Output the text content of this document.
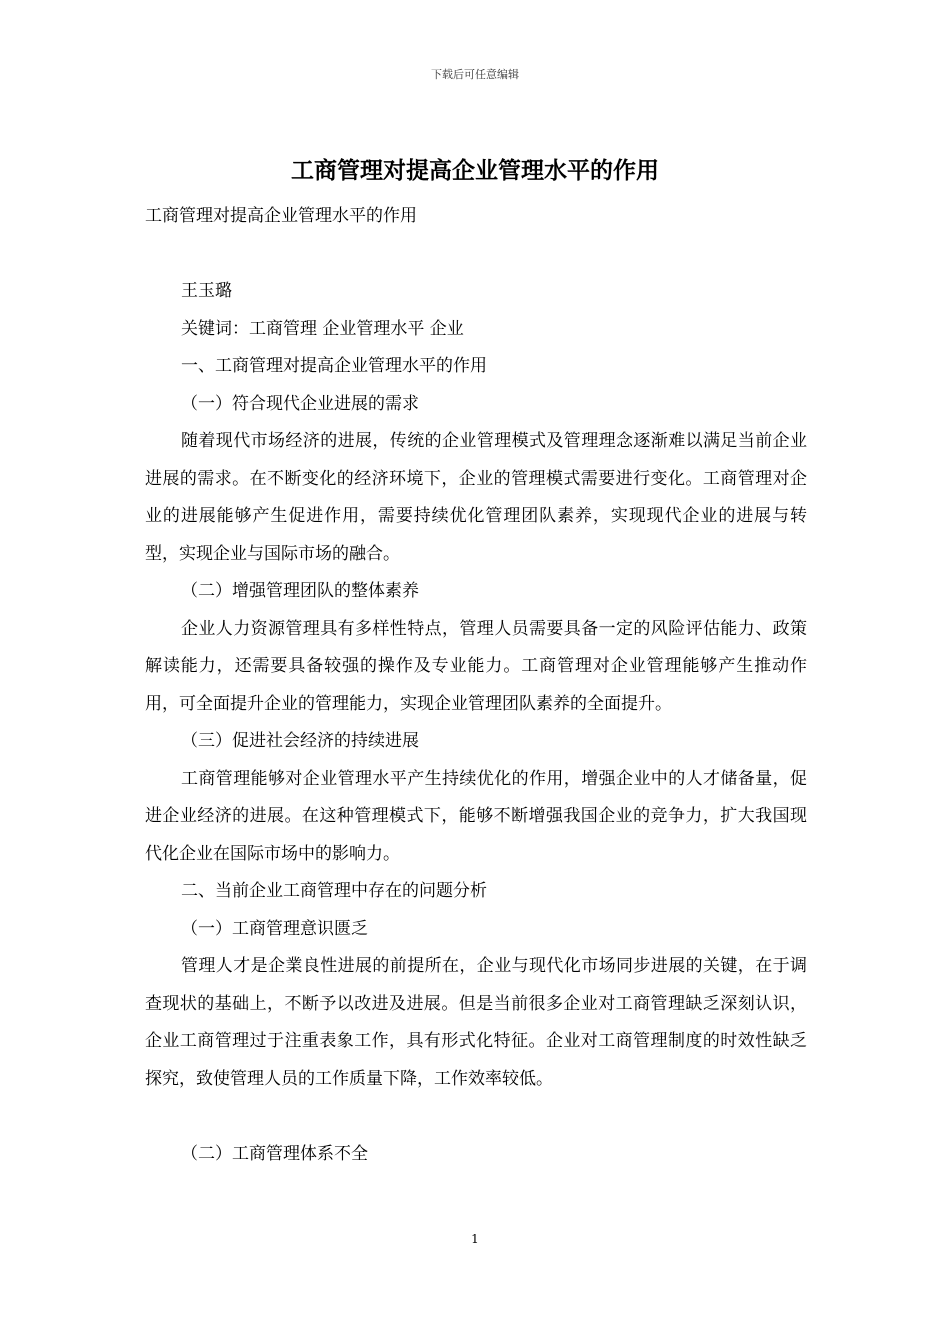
下载后可任意编辑
工商管理对提高企业管理水平的作用

工商管理对提高企业管理水平的作用

王玉璐

关键词：工商管理 企业管理水平 企业

一、工商管理对提高企业管理水平的作用

（一）符合现代企业进展的需求

随着现代市场经济的进展，传统的企业管理模式及管理理念逐渐难以满足当前企业进展的需求。在不断变化的经济环境下，企业的管理模式需要进行变化。工商管理对企业的进展能够产生促进作用，需要持续优化管理团队素养，实现现代企业的进展与转型，实现企业与国际市场的融合。

（二）增强管理团队的整体素养

企业人力资源管理具有多样性特点，管理人员需要具备一定的风险评估能力、政策解读能力，还需要具备较强的操作及专业能力。工商管理对企业管理能够产生推动作用，可全面提升企业的管理能力，实现企业管理团队素养的全面提升。

（三）促进社会经济的持续进展

工商管理能够对企业管理水平产生持续优化的作用，增强企业中的人才储备量，促进企业经济的进展。在这种管理模式下，能够不断增强我国企业的竞争力，扩大我国现代化企业在国际市场中的影响力。

二、当前企业工商管理中存在的问题分析

（一）工商管理意识匮乏

管理人才是企業良性进展的前提所在，企业与现代化市场同步进展的关键，在于调查现状的基础上，不断予以改进及进展。但是当前很多企业对工商管理缺乏深刻认识，企业工商管理过于注重表象工作，具有形式化特征。企业对工商管理制度的时效性缺乏探究，致使管理人员的工作质量下降，工作效率较低。

（二）工商管理体系不全

1
